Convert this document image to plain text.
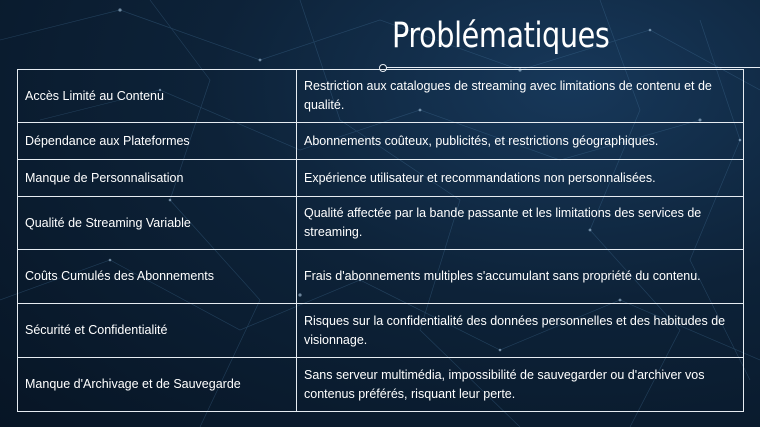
Problématiques
Accès Limité au Contenu	Restriction aux catalogues de streaming avec limitations de contenu et de qualité.
Dépendance aux Plateformes	Abonnements coûteux, publicités, et restrictions géographiques.
Manque de Personnalisation	Expérience utilisateur et recommandations non personnalisées.
Qualité de Streaming Variable	Qualité affectée par la bande passante et les limitations des services de streaming.
Coûts Cumulés des Abonnements	Frais d'abonnements multiples s'accumulant sans propriété du contenu.
Sécurité et Confidentialité	Risques sur la confidentialité des données personnelles et des habitudes de visionnage.
Manque d'Archivage et de Sauvegarde	Sans serveur multimédia, impossibilité de sauvegarder ou d'archiver vos contenus préférés, risquant leur perte.
